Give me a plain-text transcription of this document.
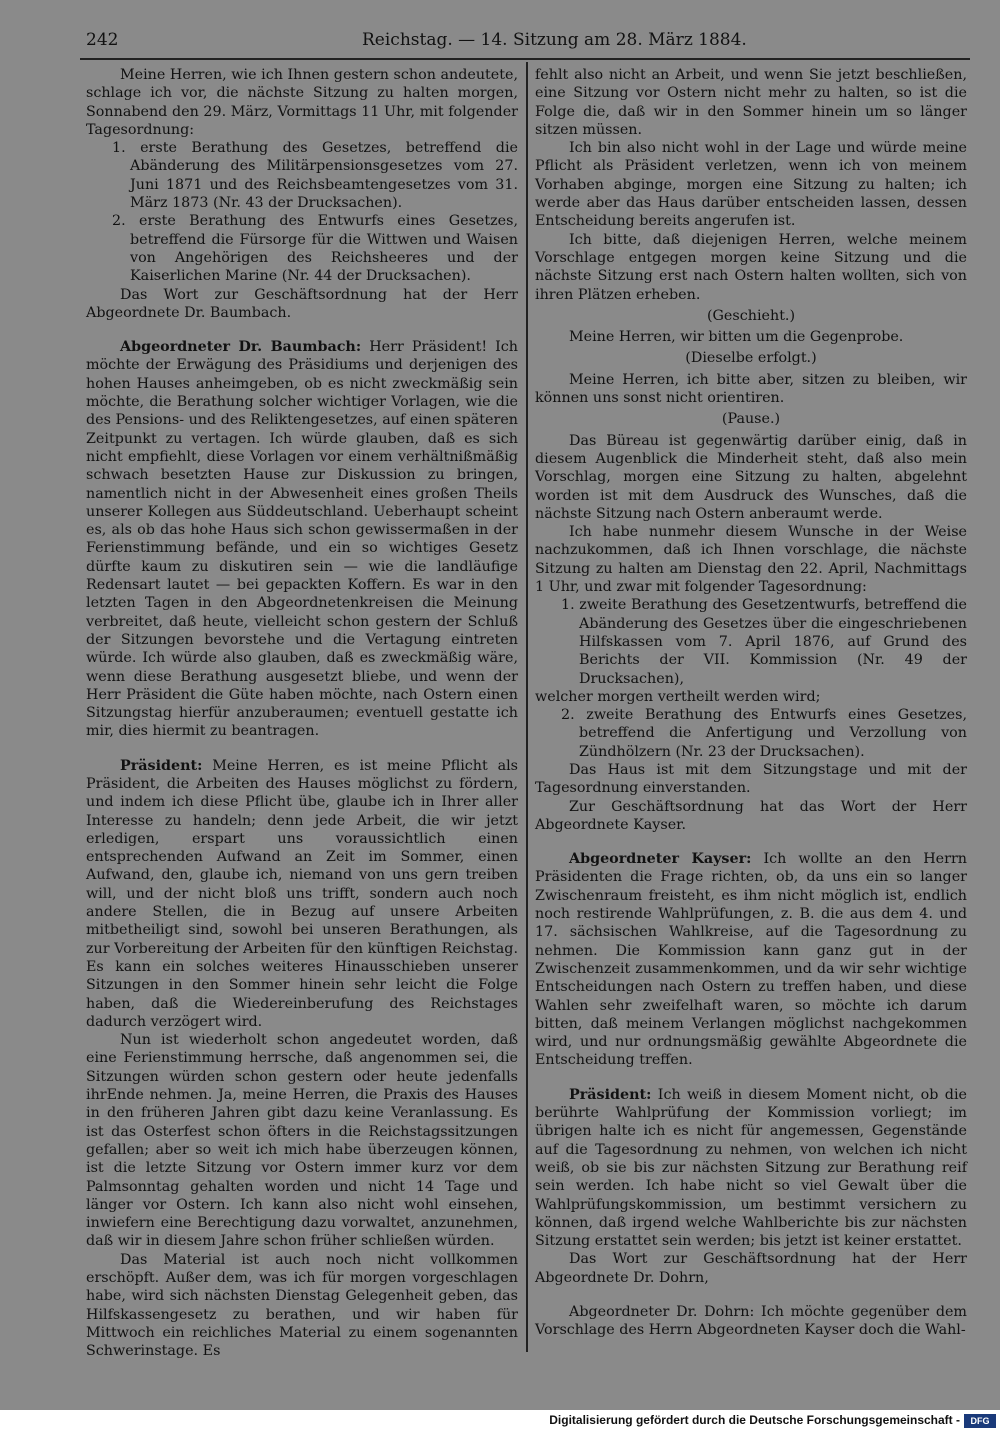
242	Reichstag. — 14. Sitzung am 28. März 1884.

Meine Herren, wie ich Ihnen gestern schon andeutete, schlage ich vor, die nächste Sitzung zu halten morgen, Sonnabend den 29. März, Vormittags 11 Uhr, mit folgender Tagesordnung:

1. erste Berathung des Gesetzes, betreffend die Abänderung des Militärpensionsgesetzes vom 27. Juni 1871 und des Reichsbeamtengesetzes vom 31. März 1873 (Nr. 43 der Drucksachen).

2. erste Berathung des Entwurfs eines Gesetzes, betreffend die Fürsorge für die Wittwen und Waisen von Angehörigen des Reichsheeres und der Kaiserlichen Marine (Nr. 44 der Drucksachen).

Das Wort zur Geschäftsordnung hat der Herr Abgeordnete Dr. Baumbach.

Abgeordneter Dr. Baumbach: Herr Präsident! Ich möchte der Erwägung des Präsidiums und derjenigen des hohen Hauses anheimgeben, ob es nicht zweckmäßig sein möchte, die Berathung solcher wichtiger Vorlagen, wie die des Pensions- und des Reliktengesetzes, auf einen späteren Zeitpunkt zu vertagen. Ich würde glauben, daß es sich nicht empfiehlt, diese Vorlagen vor einem verhältnißmäßig schwach besetzten Hause zur Diskussion zu bringen, namentlich nicht in der Abwesenheit eines großen Theils unserer Kollegen aus Süddeutschland. Ueberhaupt scheint es, als ob das hohe Haus sich schon gewissermaßen in der Ferienstimmung befände, und ein so wichtiges Gesetz dürfte kaum zu diskutiren sein — wie die landläufige Redensart lautet — bei gepackten Koffern. Es war in den letzten Tagen in den Abgeordnetenkreisen die Meinung verbreitet, daß heute, vielleicht schon gestern der Schluß der Sitzungen bevorstehe und die Vertagung eintreten würde. Ich würde also glauben, daß es zweckmäßig wäre, wenn diese Berathung ausgesetzt bliebe, und wenn der Herr Präsident die Güte haben möchte, nach Ostern einen Sitzungstag hierfür anzuberaumen; eventuell gestatte ich mir, dies hiermit zu beantragen.

Präsident: Meine Herren, es ist meine Pflicht als Präsident, die Arbeiten des Hauses möglichst zu fördern, und indem ich diese Pflicht übe, glaube ich in Ihrer aller Interesse zu handeln; denn jede Arbeit, die wir jetzt erledigen, erspart uns voraussichtlich einen entsprechenden Aufwand an Zeit im Sommer, einen Aufwand, den, glaube ich, niemand von uns gern treiben will, und der nicht bloß uns trifft, sondern auch noch andere Stellen, die in Bezug auf unsere Arbeiten mitbetheiligt sind, sowohl bei unseren Berathungen, als zur Vorbereitung der Arbeiten für den künftigen Reichstag. Es kann ein solches weiteres Hinausschieben unserer Sitzungen in den Sommer hinein sehr leicht die Folge haben, daß die Wiedereinberufung des Reichstages dadurch verzögert wird.

Nun ist wiederholt schon angedeutet worden, daß eine Ferienstimmung herrsche, daß angenommen sei, die Sitzungen würden schon gestern oder heute jedenfalls ihrEnde nehmen. Ja, meine Herren, die Praxis des Hauses in den früheren Jahren gibt dazu keine Veranlassung. Es ist das Osterfest schon öfters in die Reichstagssitzungen gefallen; aber so weit ich mich habe überzeugen können, ist die letzte Sitzung vor Ostern immer kurz vor dem Palmsonntag gehalten worden und nicht 14 Tage und länger vor Ostern. Ich kann also nicht wohl einsehen, inwiefern eine Berechtigung dazu vorwaltet, anzunehmen, daß wir in diesem Jahre schon früher schließen würden.

Das Material ist auch noch nicht vollkommen erschöpft. Außer dem, was ich für morgen vorgeschlagen habe, wird sich nächsten Dienstag Gelegenheit geben, das Hilfskassengesetz zu berathen, und wir haben für Mittwoch ein reichliches Material zu einem sogenannten Schwerinstage. Es

fehlt also nicht an Arbeit, und wenn Sie jetzt beschließen, eine Sitzung vor Ostern nicht mehr zu halten, so ist die Folge die, daß wir in den Sommer hinein um so länger sitzen müssen.

Ich bin also nicht wohl in der Lage und würde meine Pflicht als Präsident verletzen, wenn ich von meinem Vorhaben abginge, morgen eine Sitzung zu halten; ich werde aber das Haus darüber entscheiden lassen, dessen Entscheidung bereits angerufen ist.

Ich bitte, daß diejenigen Herren, welche meinem Vorschlage entgegen morgen keine Sitzung und die nächste Sitzung erst nach Ostern halten wollten, sich von ihren Plätzen erheben.

(Geschieht.)

Meine Herren, wir bitten um die Gegenprobe.

(Dieselbe erfolgt.)

Meine Herren, ich bitte aber, sitzen zu bleiben, wir können uns sonst nicht orientiren.

(Pause.)

Das Büreau ist gegenwärtig darüber einig, daß in diesem Augenblick die Minderheit steht, daß also mein Vorschlag, morgen eine Sitzung zu halten, abgelehnt worden ist mit dem Ausdruck des Wunsches, daß die nächste Sitzung nach Ostern anberaumt werde.

Ich habe nunmehr diesem Wunsche in der Weise nachzukommen, daß ich Ihnen vorschlage, die nächste Sitzung zu halten am Dienstag den 22. April, Nachmittags 1 Uhr, und zwar mit folgender Tagesordnung:

1. zweite Berathung des Gesetzentwurfs, betreffend die Abänderung des Gesetzes über die eingeschriebenen Hilfskassen vom 7. April 1876, auf Grund des Berichts der VII. Kommission (Nr. 49 der Drucksachen),

welcher morgen vertheilt werden wird;

2. zweite Berathung des Entwurfs eines Gesetzes, betreffend die Anfertigung und Verzollung von Zündhölzern (Nr. 23 der Drucksachen).

Das Haus ist mit dem Sitzungstage und mit der Tagesordnung einverstanden.

Zur Geschäftsordnung hat das Wort der Herr Abgeordnete Kayser.

Abgeordneter Kayser: Ich wollte an den Herrn Präsidenten die Frage richten, ob, da uns ein so langer Zwischenraum freisteht, es ihm nicht möglich ist, endlich noch restirende Wahlprüfungen, z. B. die aus dem 4. und 17. sächsischen Wahlkreise, auf die Tagesordnung zu nehmen. Die Kommission kann ganz gut in der Zwischenzeit zusammenkommen, und da wir sehr wichtige Entscheidungen nach Ostern zu treffen haben, und diese Wahlen sehr zweifelhaft waren, so möchte ich darum bitten, daß meinem Verlangen möglichst nachgekommen wird, und nur ordnungsmäßig gewählte Abgeordnete die Entscheidung treffen.

Präsident: Ich weiß in diesem Moment nicht, ob die berührte Wahlprüfung der Kommission vorliegt; im übrigen halte ich es nicht für angemessen, Gegenstände auf die Tagesordnung zu nehmen, von welchen ich nicht weiß, ob sie bis zur nächsten Sitzung zur Berathung reif sein werden. Ich habe nicht so viel Gewalt über die Wahlprüfungskommission, um bestimmt versichern zu können, daß irgend welche Wahlberichte bis zur nächsten Sitzung erstattet sein werden; bis jetzt ist keiner erstattet.

Das Wort zur Geschäftsordnung hat der Herr Abgeordnete Dr. Dohrn,

Abgeordneter Dr. Dohrn: Ich möchte gegenüber dem Vorschlage des Herrn Abgeordneten Kayser doch die Wahl-

Digitalisierung gefördert durch die Deutsche Forschungsgemeinschaft -	DFG
